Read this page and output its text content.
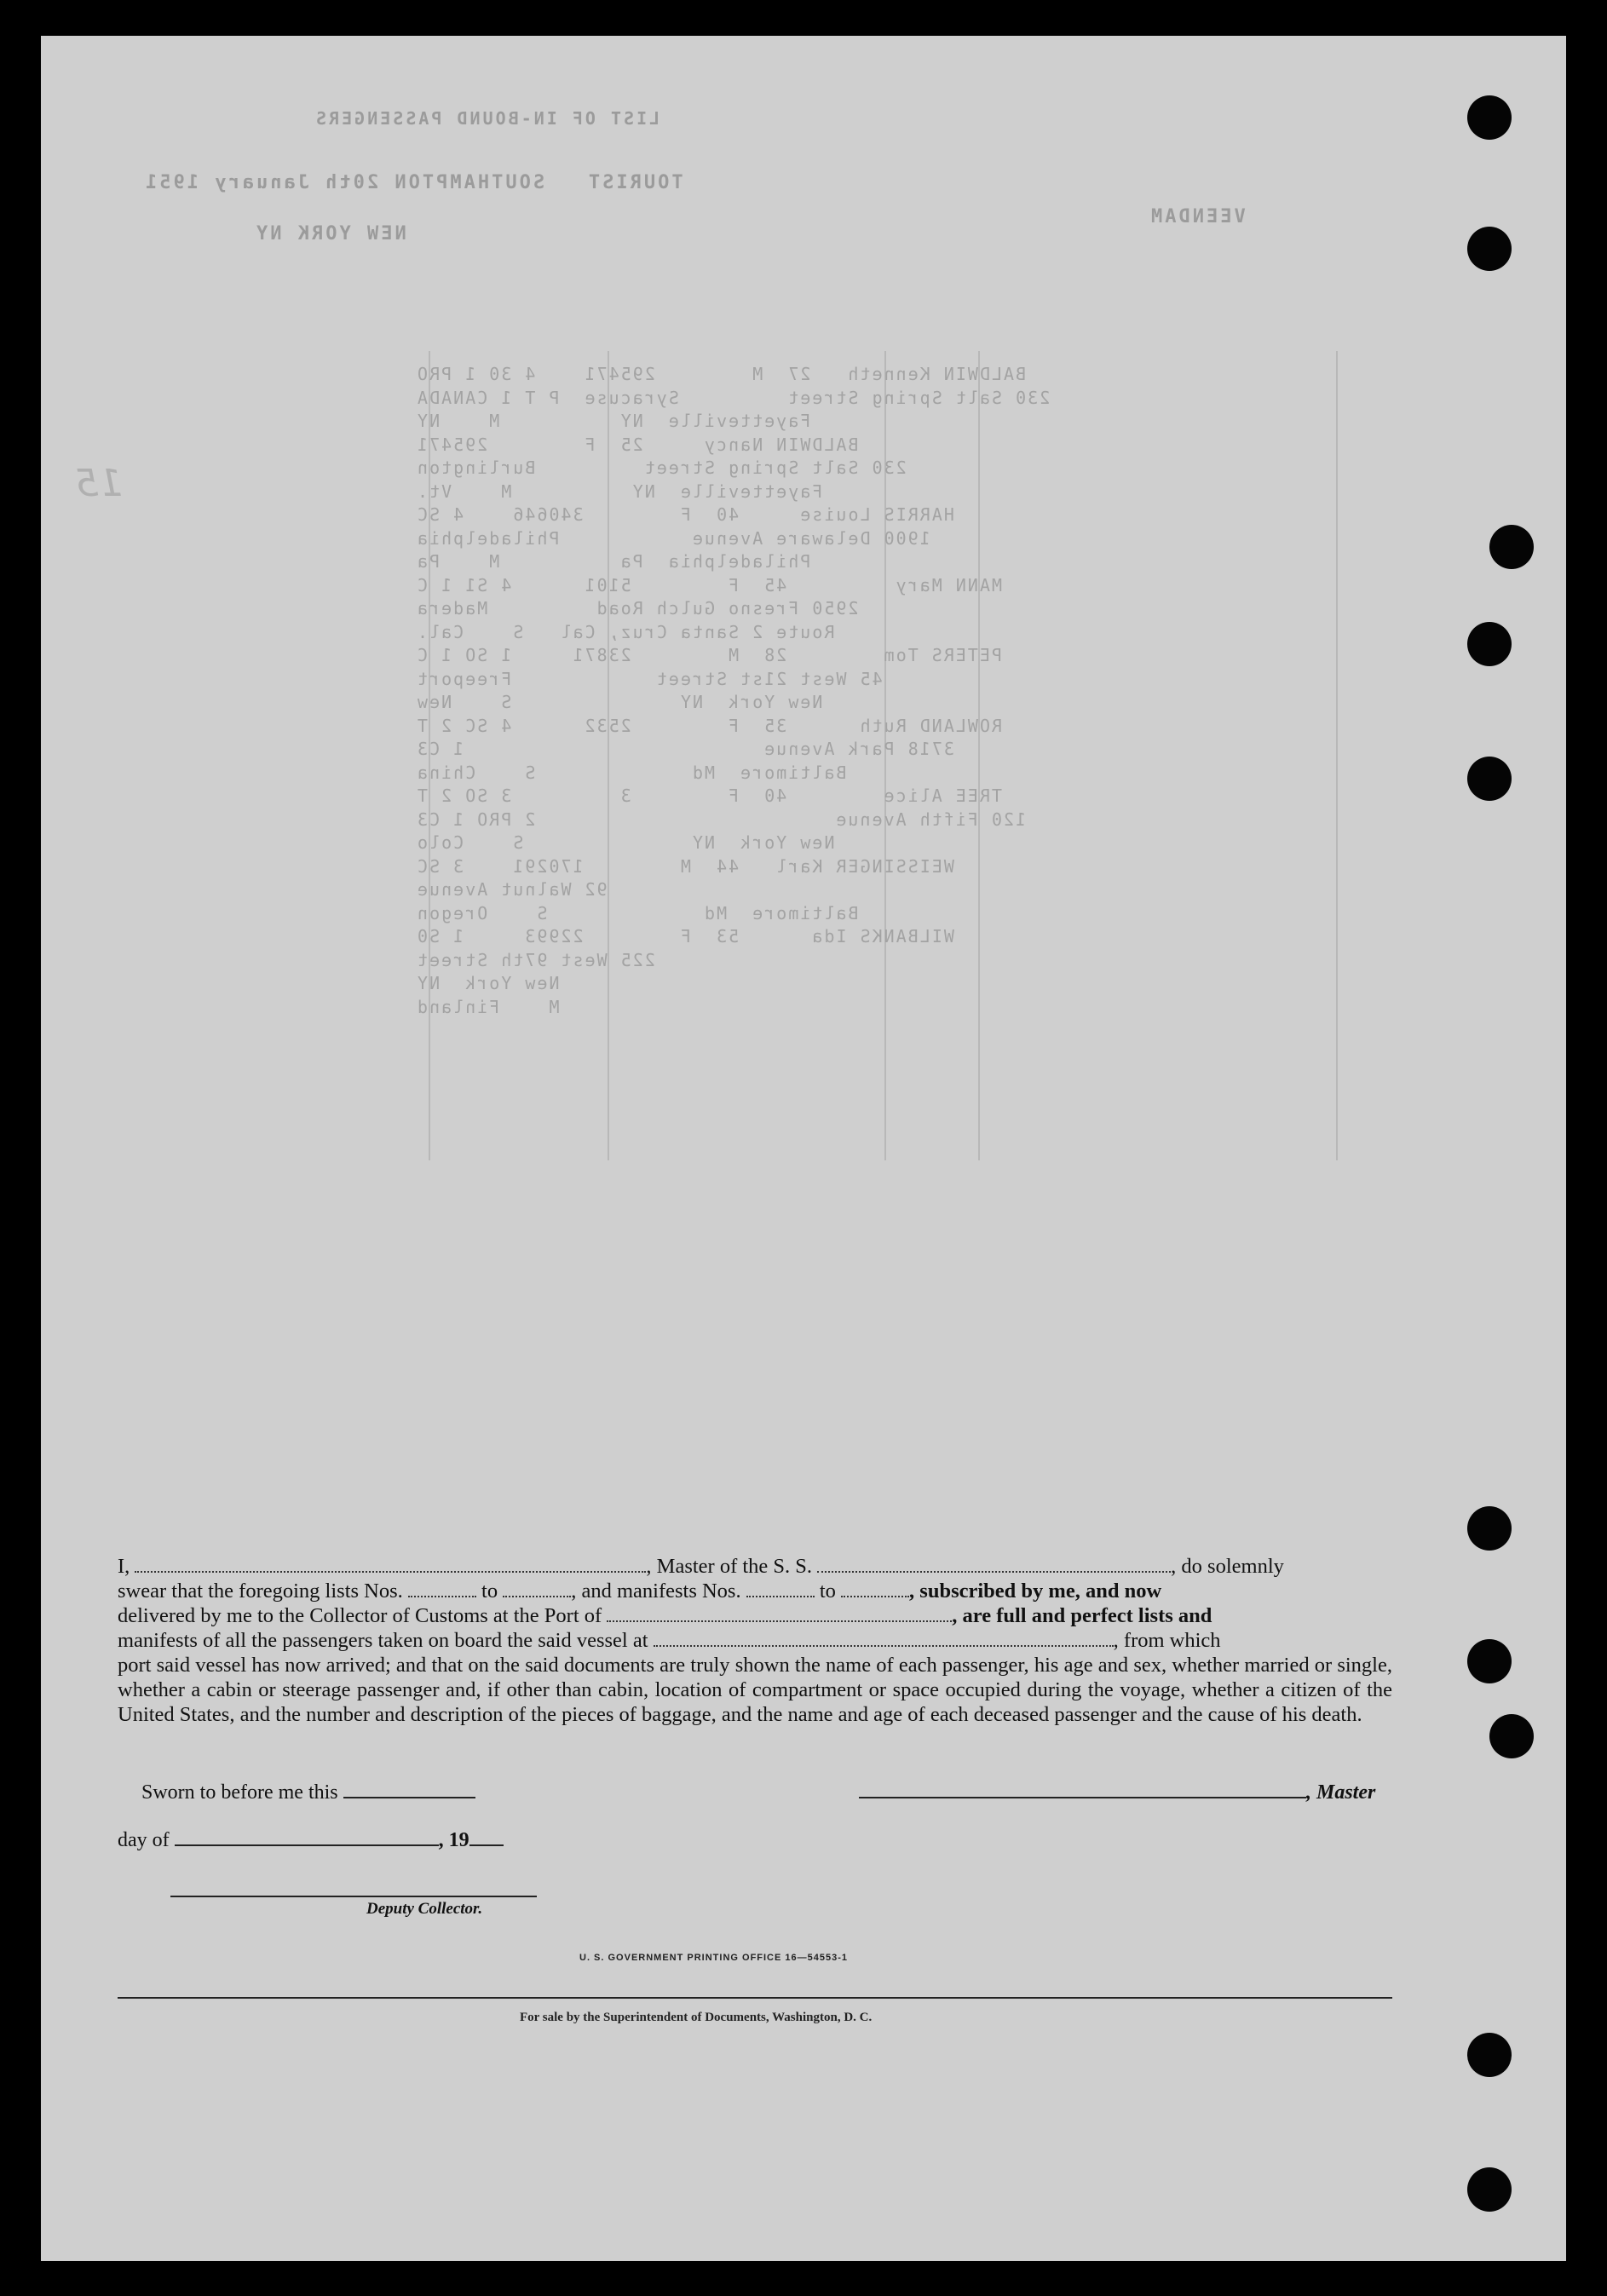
LIST OF IN-BOUND PASSENGERS
TOURIST   SOUTHAMPTON 20th January 1951
NEW YORK NY
VEENDAM
15
BALDWIN Kenneth   27  M        295471    4 30 1 PRO
230 Salt Spring Street         Syracuse  P T 1 CANADA
Fayetteville  NY          M    NY
BALDWIN Nancy     25  F        295471
230 Salt Spring Street         Burlington
Fayetteville  NY          M    Vt.
HARRIS Louise     40  F        340646    4 SC
1900 Delaware Avenue           Philadelphia
Philadelphia  Pa          M    Pa
MANN Mary         45  F        5101      4 S1 1 C
2950 Fresno Gulch Road         Madera
Route 2 Santa Cruz, Cal   S    Cal.
PETERS Tom        28  M        23871     1 SO 1 C
45 West 21st Street            Freeport
New York  NY              S    New
ROWLAND Ruth      35  F        2532      4 SC 2 T
3718 Park Avenue                         1 C3
Baltimore  Md             S    China
TREE Alice        40  F        3         3 SO 2 T
120 Fifth Avenue                         2 PRO 1 C3
New York  NY              S    Colo
WEISSINGER Karl   44  M        170291    3 SC
92 Walnut Avenue
Baltimore  Md             S    Oregon
WILBANKS Ida      53  F        22993     1 S0
225 West 97th Street
New York  NY
M    Finland
I,	, Master of the S. S.	, do solemnly
swear that the foregoing lists Nos.	to	, and manifests Nos.	to	, subscribed by me, and now
delivered by me to the Collector of Customs at the Port of	, are full and perfect lists and
manifests of all the passengers taken on board the said vessel at	, from which
port said vessel has now arrived; and that on the said documents are truly shown the name of each passenger, his age and sex, whether married or single, whether a cabin or steerage passenger and, if other than cabin, location of compartment or space occupied during the voyage, whether a citizen of the United States, and the number and description of the pieces of baggage, and the name and age of each deceased passenger and the cause of his death.
Sworn to before me this	, Master
day of	, 19
Deputy Collector.
U. S. GOVERNMENT PRINTING OFFICE 16—54553-1
For sale by the Superintendent of Documents, Washington, D. C.
